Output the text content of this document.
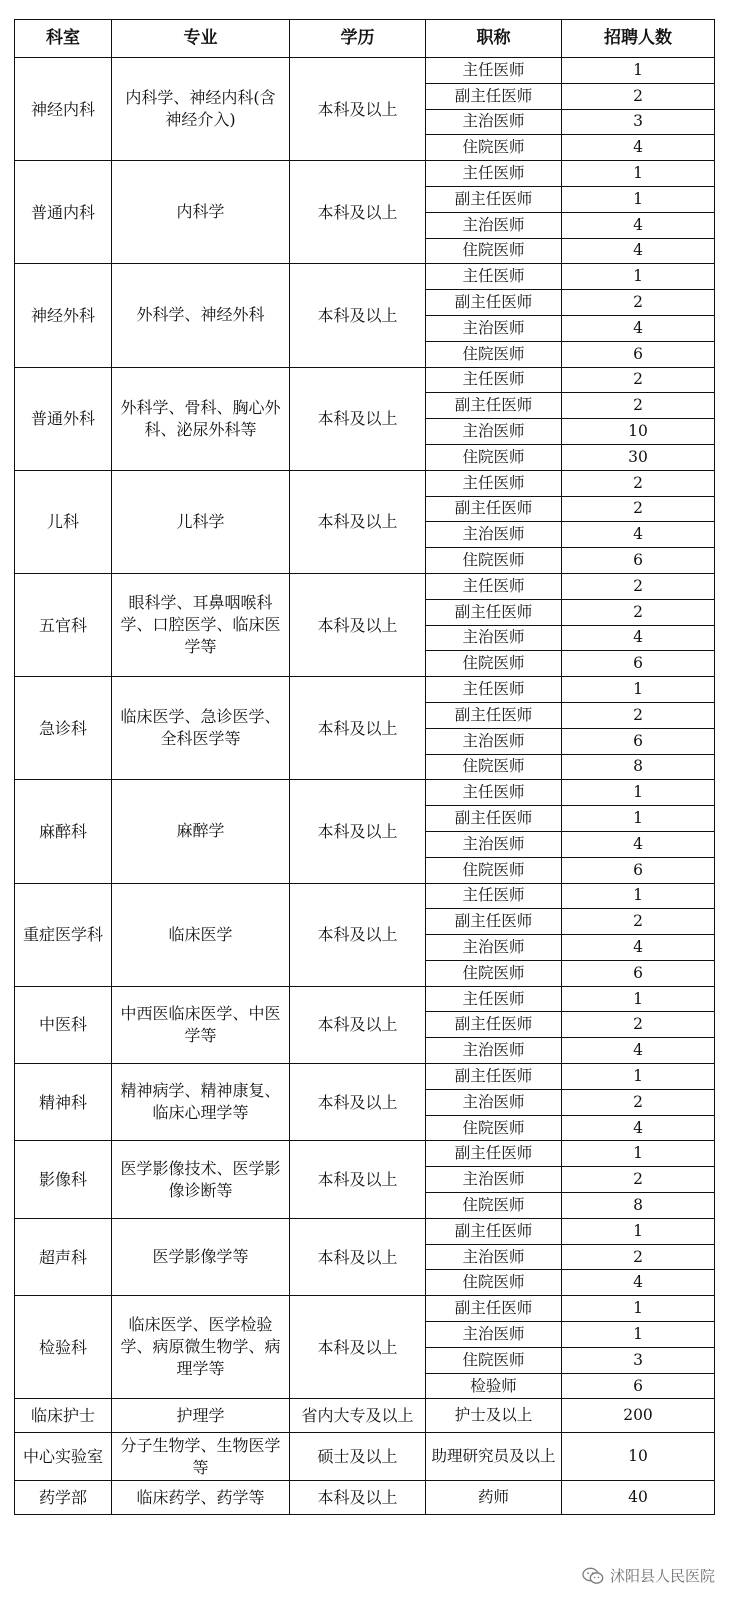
科室	专业	学历	职称	招聘人数
神经内科	内科学、神经内科(含神经介入)	本科及以上	主任医师	1
			副主任医师	2
			主治医师	3
			住院医师	4
普通内科	内科学	本科及以上	主任医师	1
			副主任医师	1
			主治医师	4
			住院医师	4
神经外科	外科学、神经外科	本科及以上	主任医师	1
			副主任医师	2
			主治医师	4
			住院医师	6
普通外科	外科学、骨科、胸心外科、泌尿外科等	本科及以上	主任医师	2
			副主任医师	2
			主治医师	10
			住院医师	30
儿科	儿科学	本科及以上	主任医师	2
			副主任医师	2
			主治医师	4
			住院医师	6
五官科	眼科学、耳鼻咽喉科学、口腔医学、临床医学等	本科及以上	主任医师	2
			副主任医师	2
			主治医师	4
			住院医师	6
急诊科	临床医学、急诊医学、全科医学等	本科及以上	主任医师	1
			副主任医师	2
			主治医师	6
			住院医师	8
麻醉科	麻醉学	本科及以上	主任医师	1
			副主任医师	1
			主治医师	4
			住院医师	6
重症医学科	临床医学	本科及以上	主任医师	1
			副主任医师	2
			主治医师	4
			住院医师	6
中医科	中西医临床医学、中医学等	本科及以上	主任医师	1
			副主任医师	2
			主治医师	4
精神科	精神病学、精神康复、临床心理学等	本科及以上	副主任医师	1
			主治医师	2
			住院医师	4
影像科	医学影像技术、医学影像诊断等	本科及以上	副主任医师	1
			主治医师	2
			住院医师	8
超声科	医学影像学等	本科及以上	副主任医师	1
			主治医师	2
			住院医师	4
检验科	临床医学、医学检验学、病原微生物学、病理学等	本科及以上	副主任医师	1
			主治医师	1
			住院医师	3
			检验师	6
临床护士	护理学	省内大专及以上	护士及以上	200
中心实验室	分子生物学、生物医学等	硕士及以上	助理研究员及以上	10
药学部	临床药学、药学等	本科及以上	药师	40
沭阳县人民医院
